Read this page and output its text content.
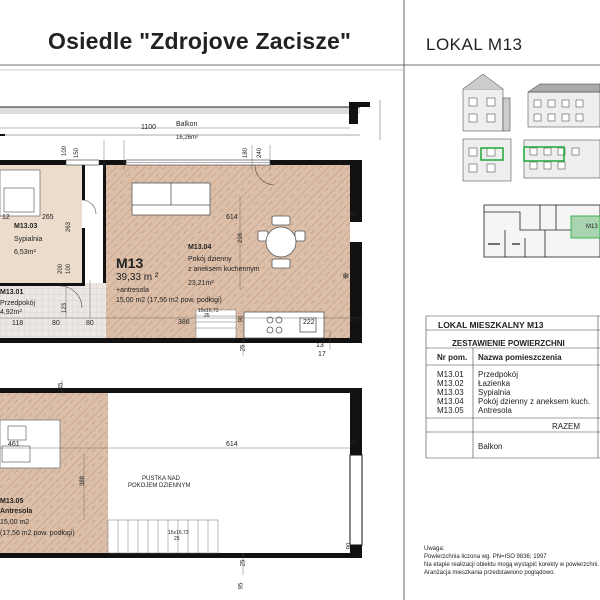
❄
Osiedle "Zdrojove Zacisze"	LOKAL M13
1100	Balkon
16,26m²
100 150	180 240
12	265
M13.03
Sypialnia
6,53m²
263
200 100
614
298
M13.04
Pokój dzienny
z aneksem kuchennym
23,21m²
M13
39,33 m ²
+antresola
15,00 m2 (17,56 m2 pow. podłogi)
45
45
M13.01
Przedpokój
4,92m²
118	80
123
80	386
15x16,73
25	90	222
25	13
17
45
461	614	45
388	PUSTKA NAD
POKOJEM DZIENNYM
M13.05
Antresola
15,00 m2
(17,56 m2 pow. podłogi)	15x16,73
25
25
90
95
M13
LOKAL MIESZKALNY M13
ZESTAWIENIE POWIERZCHNI
Nr pom. Nazwa pomieszczenia
M13.01 Przedpokój
M13.02 Łazienka
M13.03 Sypialnia
M13.04 Pokój dzienny z aneksem kuch.
M13.05 Antresola
RAZEM
Balkon
Uwaga:
Powierzchnia liczona wg. PN=ISO 9836; 1997
Na etapie realizacji obiektu mogą wystąpić korekty w powierzchni.
Aranżacja mieszkania przedstawiono poglądowo.
